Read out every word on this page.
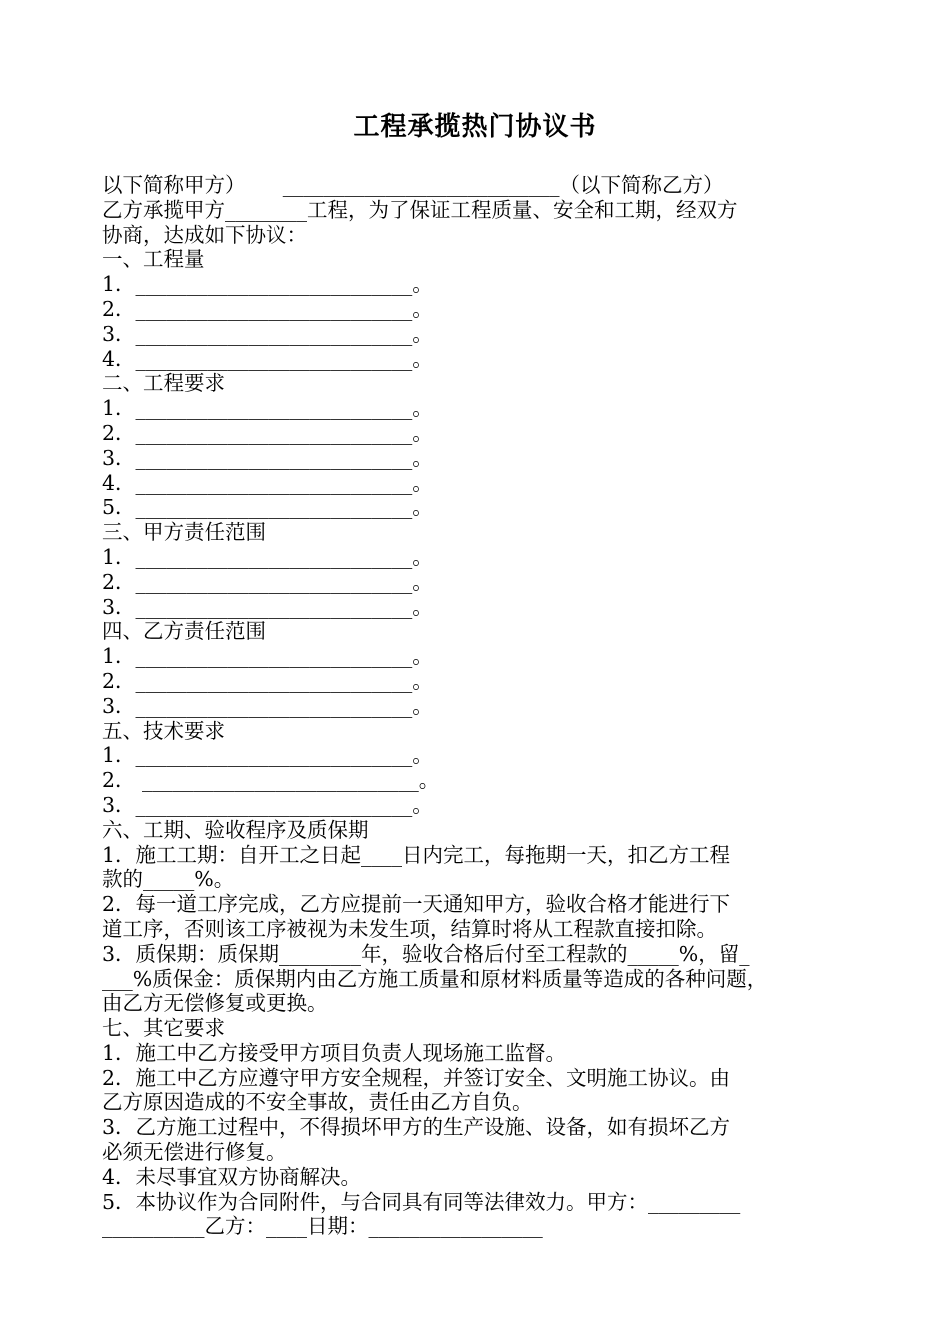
工程承揽热门协议书
以下简称甲方）　　 ___________________________（以下简称乙方）
乙方承揽甲方________工程，为了保证工程质量、安全和工期，经双方
协商，达成如下协议：
一、工程量
1．___________________________。
2．___________________________。
3．___________________________。
4．___________________________。
二、工程要求
1．___________________________。
2．___________________________。
3．___________________________。
4．___________________________。
5．___________________________。
三、甲方责任范围
1．___________________________。
2．___________________________。
3．___________________________。
四、乙方责任范围
1．___________________________。
2．___________________________。
3．___________________________。
五、技术要求
1．___________________________。
2． ___________________________。
3．___________________________。
六、工期、验收程序及质保期
1．施工工期：自开工之日起____日内完工，每拖期一天，扣乙方工程
款的_____%。
2．每一道工序完成，乙方应提前一天通知甲方，验收合格才能进行下
道工序，否则该工序被视为未发生项，结算时将从工程款直接扣除。
3．质保期：质保期________年，验收合格后付至工程款的_____%，留_
___%质保金：质保期内由乙方施工质量和原材料质量等造成的各种问题，
由乙方无偿修复或更换。
七、其它要求
1．施工中乙方接受甲方项目负责人现场施工监督。
2．施工中乙方应遵守甲方安全规程，并签订安全、文明施工协议。由
乙方原因造成的不安全事故，责任由乙方自负。
3．乙方施工过程中，不得损坏甲方的生产设施、设备，如有损坏乙方
必须无偿进行修复。
4．未尽事宜双方协商解决。
5．本协议作为合同附件，与合同具有同等法律效力。甲方：_________
__________乙方：____日期：_________________
